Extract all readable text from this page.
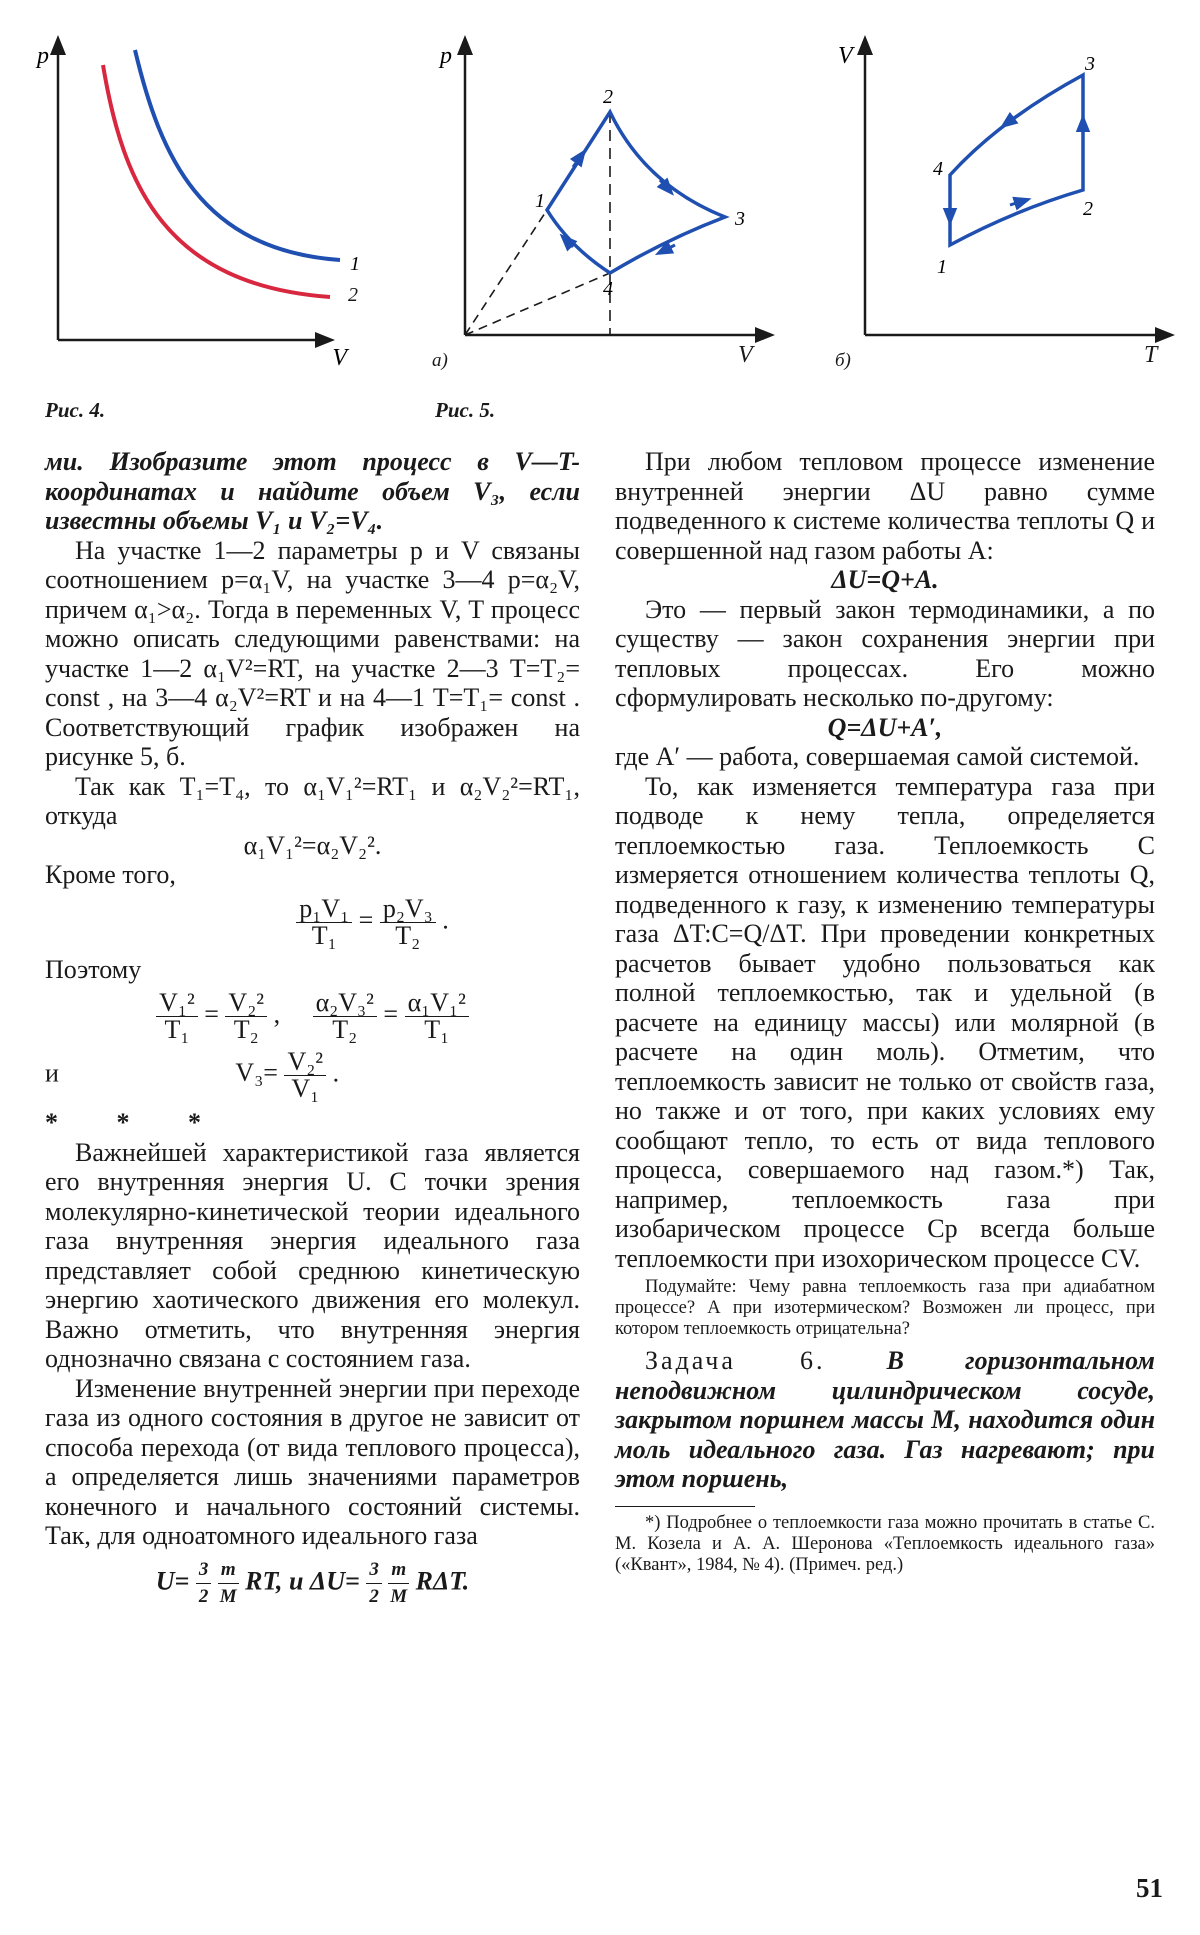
p
V
1
2
p
1
2
3
4
а)	V
V
1
2
3
4
б)	T
Рис. 4.	Рис. 5.

ми. Изобразите этот процесс в V—T-координатах и найдите объем V₃, если известны объемы V₁ и V₂=V₄.

На участке 1—2 параметры p и V связаны соотношением p=α₁V, на участке 3—4 p=α₂V, причем α₁>α₂. Тогда в переменных V, T процесс можно описать следующими равенствами: на участке 1—2 α₁V²=RT, на участке 2—3 T=T₂= const , на 3—4 α₂V²=RT и на 4—1 T=T₁= const . Соответствующий график изображен на рисунке 5, б.

Так как T₁=T₄, то α₁V₁²=RT₁ и α₂V₂²=RT₁, откуда

α₁V₁²=α₂V₂².

Кроме того,

$\frac{\text{p₁V₁}}{\text{T₁}} = \frac{\text{p₂V₃}}{\text{T₂}}$ .

Поэтому

$\frac{\text{V₁²}}{\text{T₁}} = \frac{\text{V₂²}}{\text{T₂}}$ , $\frac{\text{α₂V₃²}}{\text{T₂}} = \frac{\text{α₁V₁²}}{\text{T₁}}$
и	$V_3= \frac{\text{V₂²}}{\text{V₁}}$ .

* * *

Важнейшей характеристикой газа является его внутренняя энергия U. С точки зрения молекулярно-кинетической теории идеального газа внутренняя энергия идеального газа представляет собой среднюю кинетическую энергию хаотического движения его молекул. Важно отметить, что внутренняя энергия однозначно связана с состоянием газа.

Изменение внутренней энергии при переходе газа из одного состояния в другое не зависит от способа перехода (от вида теплового процесса), а определяется лишь значениями параметров конечного и начального состояний системы. Так, для одноатомного идеального газа

$U= \frac{3}{2}$
$\frac{m}{M}$ RT, и $\Delta U= \frac{3}{2}$
$\frac{m}{M} R\Delta T$.

При любом тепловом процессе изменение внутренней энергии ΔU равно сумме подведенного к системе количества теплоты Q и совершенной над газом работы A:

ΔU=Q+A.

Это — первый закон термодинамики, а по существу — закон сохранения энергии при тепловых процессах. Его можно сформулировать несколько по-другому:

Q=ΔU+A′,

где A′ — работа, совершаемая самой системой.

То, как изменяется температура газа при подводе к нему тепла, определяется теплоемкостью газа. Теплоемкость C измеряется отношением количества теплоты Q, подведенного к газу, к изменению температуры газа ΔT:C=Q/ΔT. При проведении конкретных расчетов бывает удобно пользоваться как полной теплоемкостью, так и удельной (в расчете на единицу массы) или молярной (в расчете на один моль). Отметим, что теплоемкость зависит не только от свойств газа, но также и от того, при каких условиях ему сообщают тепло, то есть от вида теплового процесса, совершаемого над газом.*) Так, например, теплоемкость газа при изобарическом процессе Cp всегда больше теплоемкости при изохорическом процессе CV.

Подумайте: Чему равна теплоемкость газа при адиабатном процессе? А при изотермическом? Возможен ли процесс, при котором теплоемкость отрицательна?

Задача 6. В горизонтальном неподвижном цилиндрическом сосуде, закрытом поршнем массы M, находится один моль идеального газа. Газ нагревают; при этом поршень,

*) Подробнее о теплоемкости газа можно прочитать в статье С. М. Козела и А. А. Шеронова «Теплоемкость идеального газа» («Квант», 1984, № 4). (Примеч. ред.)

51
